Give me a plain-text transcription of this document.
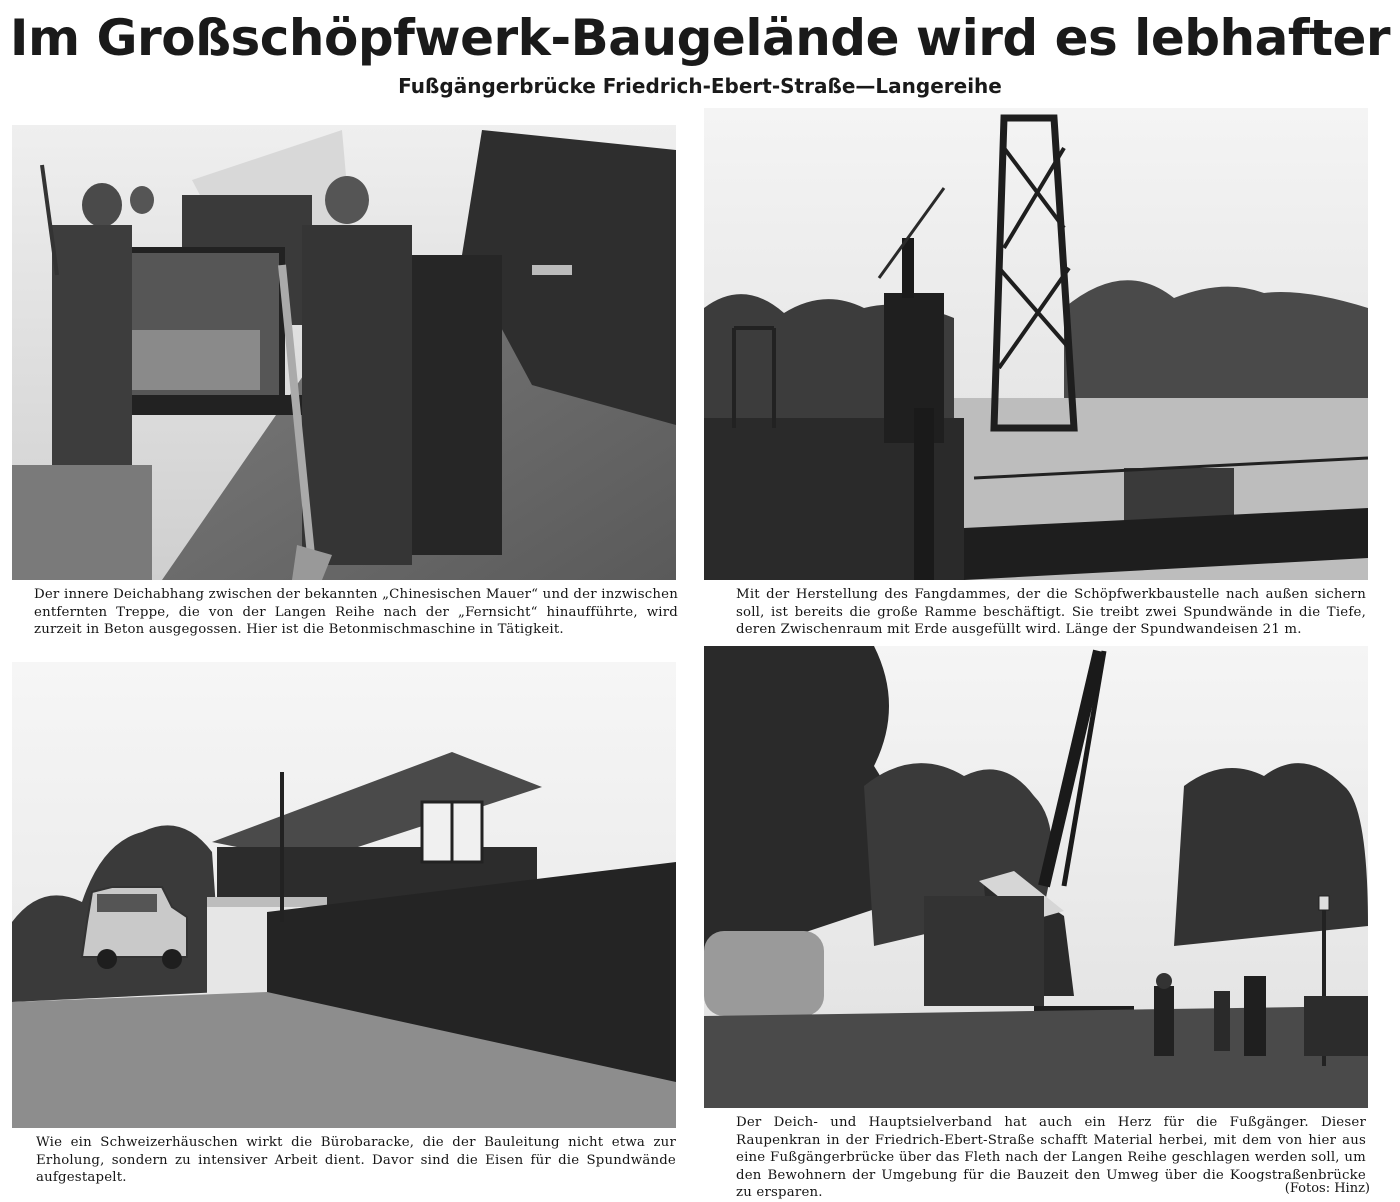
Im Großschöpfwerk-Baugelände wird es lebhafter
Fußgängerbrücke Friedrich-Ebert-Straße—Langereihe
Der innere Deichabhang zwischen der bekannten „Chinesischen Mauer“ und der inzwischen entfernten Treppe, die von der Langen Reihe nach der „Fernsicht“ hinaufführte, wird zurzeit in Beton ausgegossen. Hier ist die Betonmischmaschine in Tätigkeit.
Mit der Herstellung des Fangdammes, der die Schöpfwerkbaustelle nach außen sichern soll, ist bereits die große Ramme beschäftigt. Sie treibt zwei Spundwände in die Tiefe, deren Zwischenraum mit Erde ausgefüllt wird. Länge der Spundwandeisen 21 m.
Wie ein Schweizerhäuschen wirkt die Bürobaracke, die der Bauleitung nicht etwa zur Erholung, sondern zu intensiver Arbeit dient. Davor sind die Eisen für die Spundwände aufgestapelt.
Der Deich- und Hauptsielverband hat auch ein Herz für die Fußgänger. Dieser Raupenkran in der Friedrich-Ebert-Straße schafft Material herbei, mit dem von hier aus eine Fußgängerbrücke über das Fleth nach der Langen Reihe geschlagen werden soll, um den Bewohnern der Umgebung für die Bauzeit den Umweg über die Koogstraßenbrücke zu ersparen.	(Fotos: Hinz)
